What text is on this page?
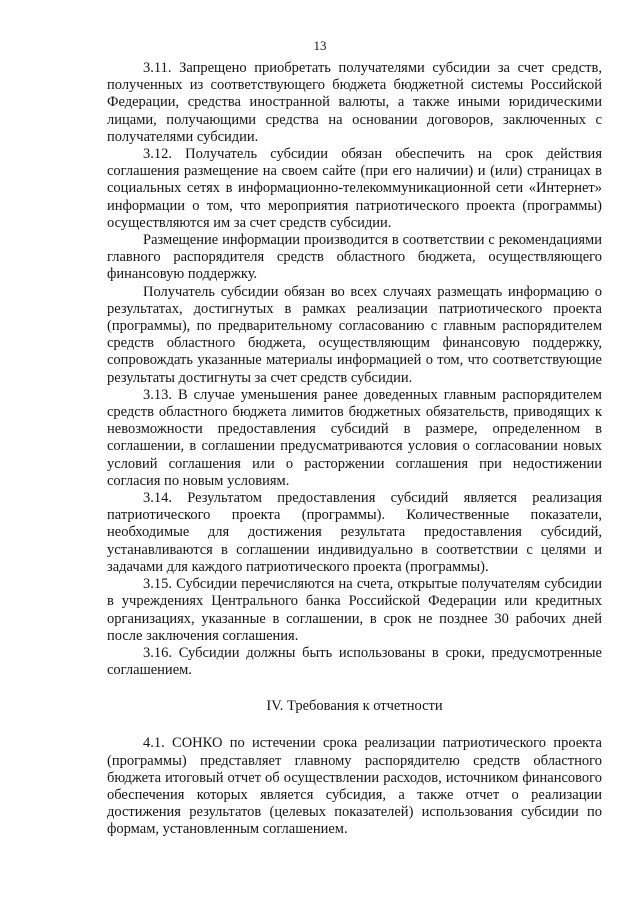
13

3.11. Запрещено приобретать получателями субсидии за счет средств, полученных из соответствующего бюджета бюджетной системы Российской Федерации, средства иностранной валюты, а также иными юридическими лицами, получающими средства на основании договоров, заключенных с получателями субсидии.

3.12. Получатель субсидии обязан обеспечить на срок действия соглашения размещение на своем сайте (при его наличии) и (или) страницах в социальных сетях в информационно-телекоммуникационной сети «Интернет» информации о том, что мероприятия патриотического проекта (программы) осуществляются им за счет средств субсидии.

Размещение информации производится в соответствии с рекомендациями главного распорядителя средств областного бюджета, осуществляющего финансовую поддержку.

Получатель субсидии обязан во всех случаях размещать информацию о результатах, достигнутых в рамках реализации патриотического проекта (программы), по предварительному согласованию с главным распорядителем средств областного бюджета, осуществляющим финансовую поддержку, сопровождать указанные материалы информацией о том, что соответствующие результаты достигнуты за счет средств субсидии.

3.13. В случае уменьшения ранее доведенных главным распорядителем средств областного бюджета лимитов бюджетных обязательств, приводящих к невозможности предоставления субсидий в размере, определенном в соглашении, в соглашении предусматриваются условия о согласовании новых условий соглашения или о расторжении соглашения при недостижении согласия по новым условиям.

3.14. Результатом предоставления субсидий является реализация патриотического проекта (программы). Количественные показатели, необходимые для достижения результата предоставления субсидий, устанавливаются в соглашении индивидуально в соответствии с целями и задачами для каждого патриотического проекта (программы).

3.15. Субсидии перечисляются на счета, открытые получателям субсидии в учреждениях Центрального банка Российской Федерации или кредитных организациях, указанные в соглашении, в срок не позднее 30 рабочих дней после заключения соглашения.

3.16. Субсидии должны быть использованы в сроки, предусмотренные соглашением.

IV. Требования к отчетности

4.1. СОНКО по истечении срока реализации патриотического проекта (программы) представляет главному распорядителю средств областного бюджета итоговый отчет об осуществлении расходов, источником финансового обеспечения которых является субсидия, а также отчет о реализации достижения результатов (целевых показателей) использования субсидии по формам, установленным соглашением.
